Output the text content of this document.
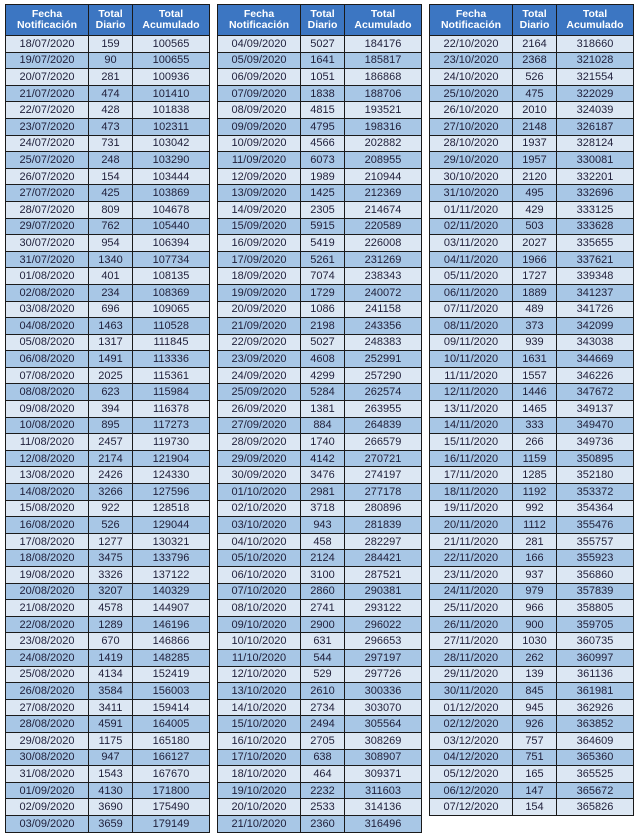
Fecha Notificación	Total Diario	Total Acumulado
18/07/2020	159	100565
19/07/2020	90	100655
20/07/2020	281	100936
21/07/2020	474	101410
22/07/2020	428	101838
23/07/2020	473	102311
24/07/2020	731	103042
25/07/2020	248	103290
26/07/2020	154	103444
27/07/2020	425	103869
28/07/2020	809	104678
29/07/2020	762	105440
30/07/2020	954	106394
31/07/2020	1340	107734
01/08/2020	401	108135
02/08/2020	234	108369
03/08/2020	696	109065
04/08/2020	1463	110528
05/08/2020	1317	111845
06/08/2020	1491	113336
07/08/2020	2025	115361
08/08/2020	623	115984
09/08/2020	394	116378
10/08/2020	895	117273
11/08/2020	2457	119730
12/08/2020	2174	121904
13/08/2020	2426	124330
14/08/2020	3266	127596
15/08/2020	922	128518
16/08/2020	526	129044
17/08/2020	1277	130321
18/08/2020	3475	133796
19/08/2020	3326	137122
20/08/2020	3207	140329
21/08/2020	4578	144907
22/08/2020	1289	146196
23/08/2020	670	146866
24/08/2020	1419	148285
25/08/2020	4134	152419
26/08/2020	3584	156003
27/08/2020	3411	159414
28/08/2020	4591	164005
29/08/2020	1175	165180
30/08/2020	947	166127
31/08/2020	1543	167670
01/09/2020	4130	171800
02/09/2020	3690	175490
03/09/2020	3659	179149
Fecha Notificación	Total Diario	Total Acumulado
04/09/2020	5027	184176
05/09/2020	1641	185817
06/09/2020	1051	186868
07/09/2020	1838	188706
08/09/2020	4815	193521
09/09/2020	4795	198316
10/09/2020	4566	202882
11/09/2020	6073	208955
12/09/2020	1989	210944
13/09/2020	1425	212369
14/09/2020	2305	214674
15/09/2020	5915	220589
16/09/2020	5419	226008
17/09/2020	5261	231269
18/09/2020	7074	238343
19/09/2020	1729	240072
20/09/2020	1086	241158
21/09/2020	2198	243356
22/09/2020	5027	248383
23/09/2020	4608	252991
24/09/2020	4299	257290
25/09/2020	5284	262574
26/09/2020	1381	263955
27/09/2020	884	264839
28/09/2020	1740	266579
29/09/2020	4142	270721
30/09/2020	3476	274197
01/10/2020	2981	277178
02/10/2020	3718	280896
03/10/2020	943	281839
04/10/2020	458	282297
05/10/2020	2124	284421
06/10/2020	3100	287521
07/10/2020	2860	290381
08/10/2020	2741	293122
09/10/2020	2900	296022
10/10/2020	631	296653
11/10/2020	544	297197
12/10/2020	529	297726
13/10/2020	2610	300336
14/10/2020	2734	303070
15/10/2020	2494	305564
16/10/2020	2705	308269
17/10/2020	638	308907
18/10/2020	464	309371
19/10/2020	2232	311603
20/10/2020	2533	314136
21/10/2020	2360	316496
Fecha Notificación	Total Diario	Total Acumulado
22/10/2020	2164	318660
23/10/2020	2368	321028
24/10/2020	526	321554
25/10/2020	475	322029
26/10/2020	2010	324039
27/10/2020	2148	326187
28/10/2020	1937	328124
29/10/2020	1957	330081
30/10/2020	2120	332201
31/10/2020	495	332696
01/11/2020	429	333125
02/11/2020	503	333628
03/11/2020	2027	335655
04/11/2020	1966	337621
05/11/2020	1727	339348
06/11/2020	1889	341237
07/11/2020	489	341726
08/11/2020	373	342099
09/11/2020	939	343038
10/11/2020	1631	344669
11/11/2020	1557	346226
12/11/2020	1446	347672
13/11/2020	1465	349137
14/11/2020	333	349470
15/11/2020	266	349736
16/11/2020	1159	350895
17/11/2020	1285	352180
18/11/2020	1192	353372
19/11/2020	992	354364
20/11/2020	1112	355476
21/11/2020	281	355757
22/11/2020	166	355923
23/11/2020	937	356860
24/11/2020	979	357839
25/11/2020	966	358805
26/11/2020	900	359705
27/11/2020	1030	360735
28/11/2020	262	360997
29/11/2020	139	361136
30/11/2020	845	361981
01/12/2020	945	362926
02/12/2020	926	363852
03/12/2020	757	364609
04/12/2020	751	365360
05/12/2020	165	365525
06/12/2020	147	365672
07/12/2020	154	365826
